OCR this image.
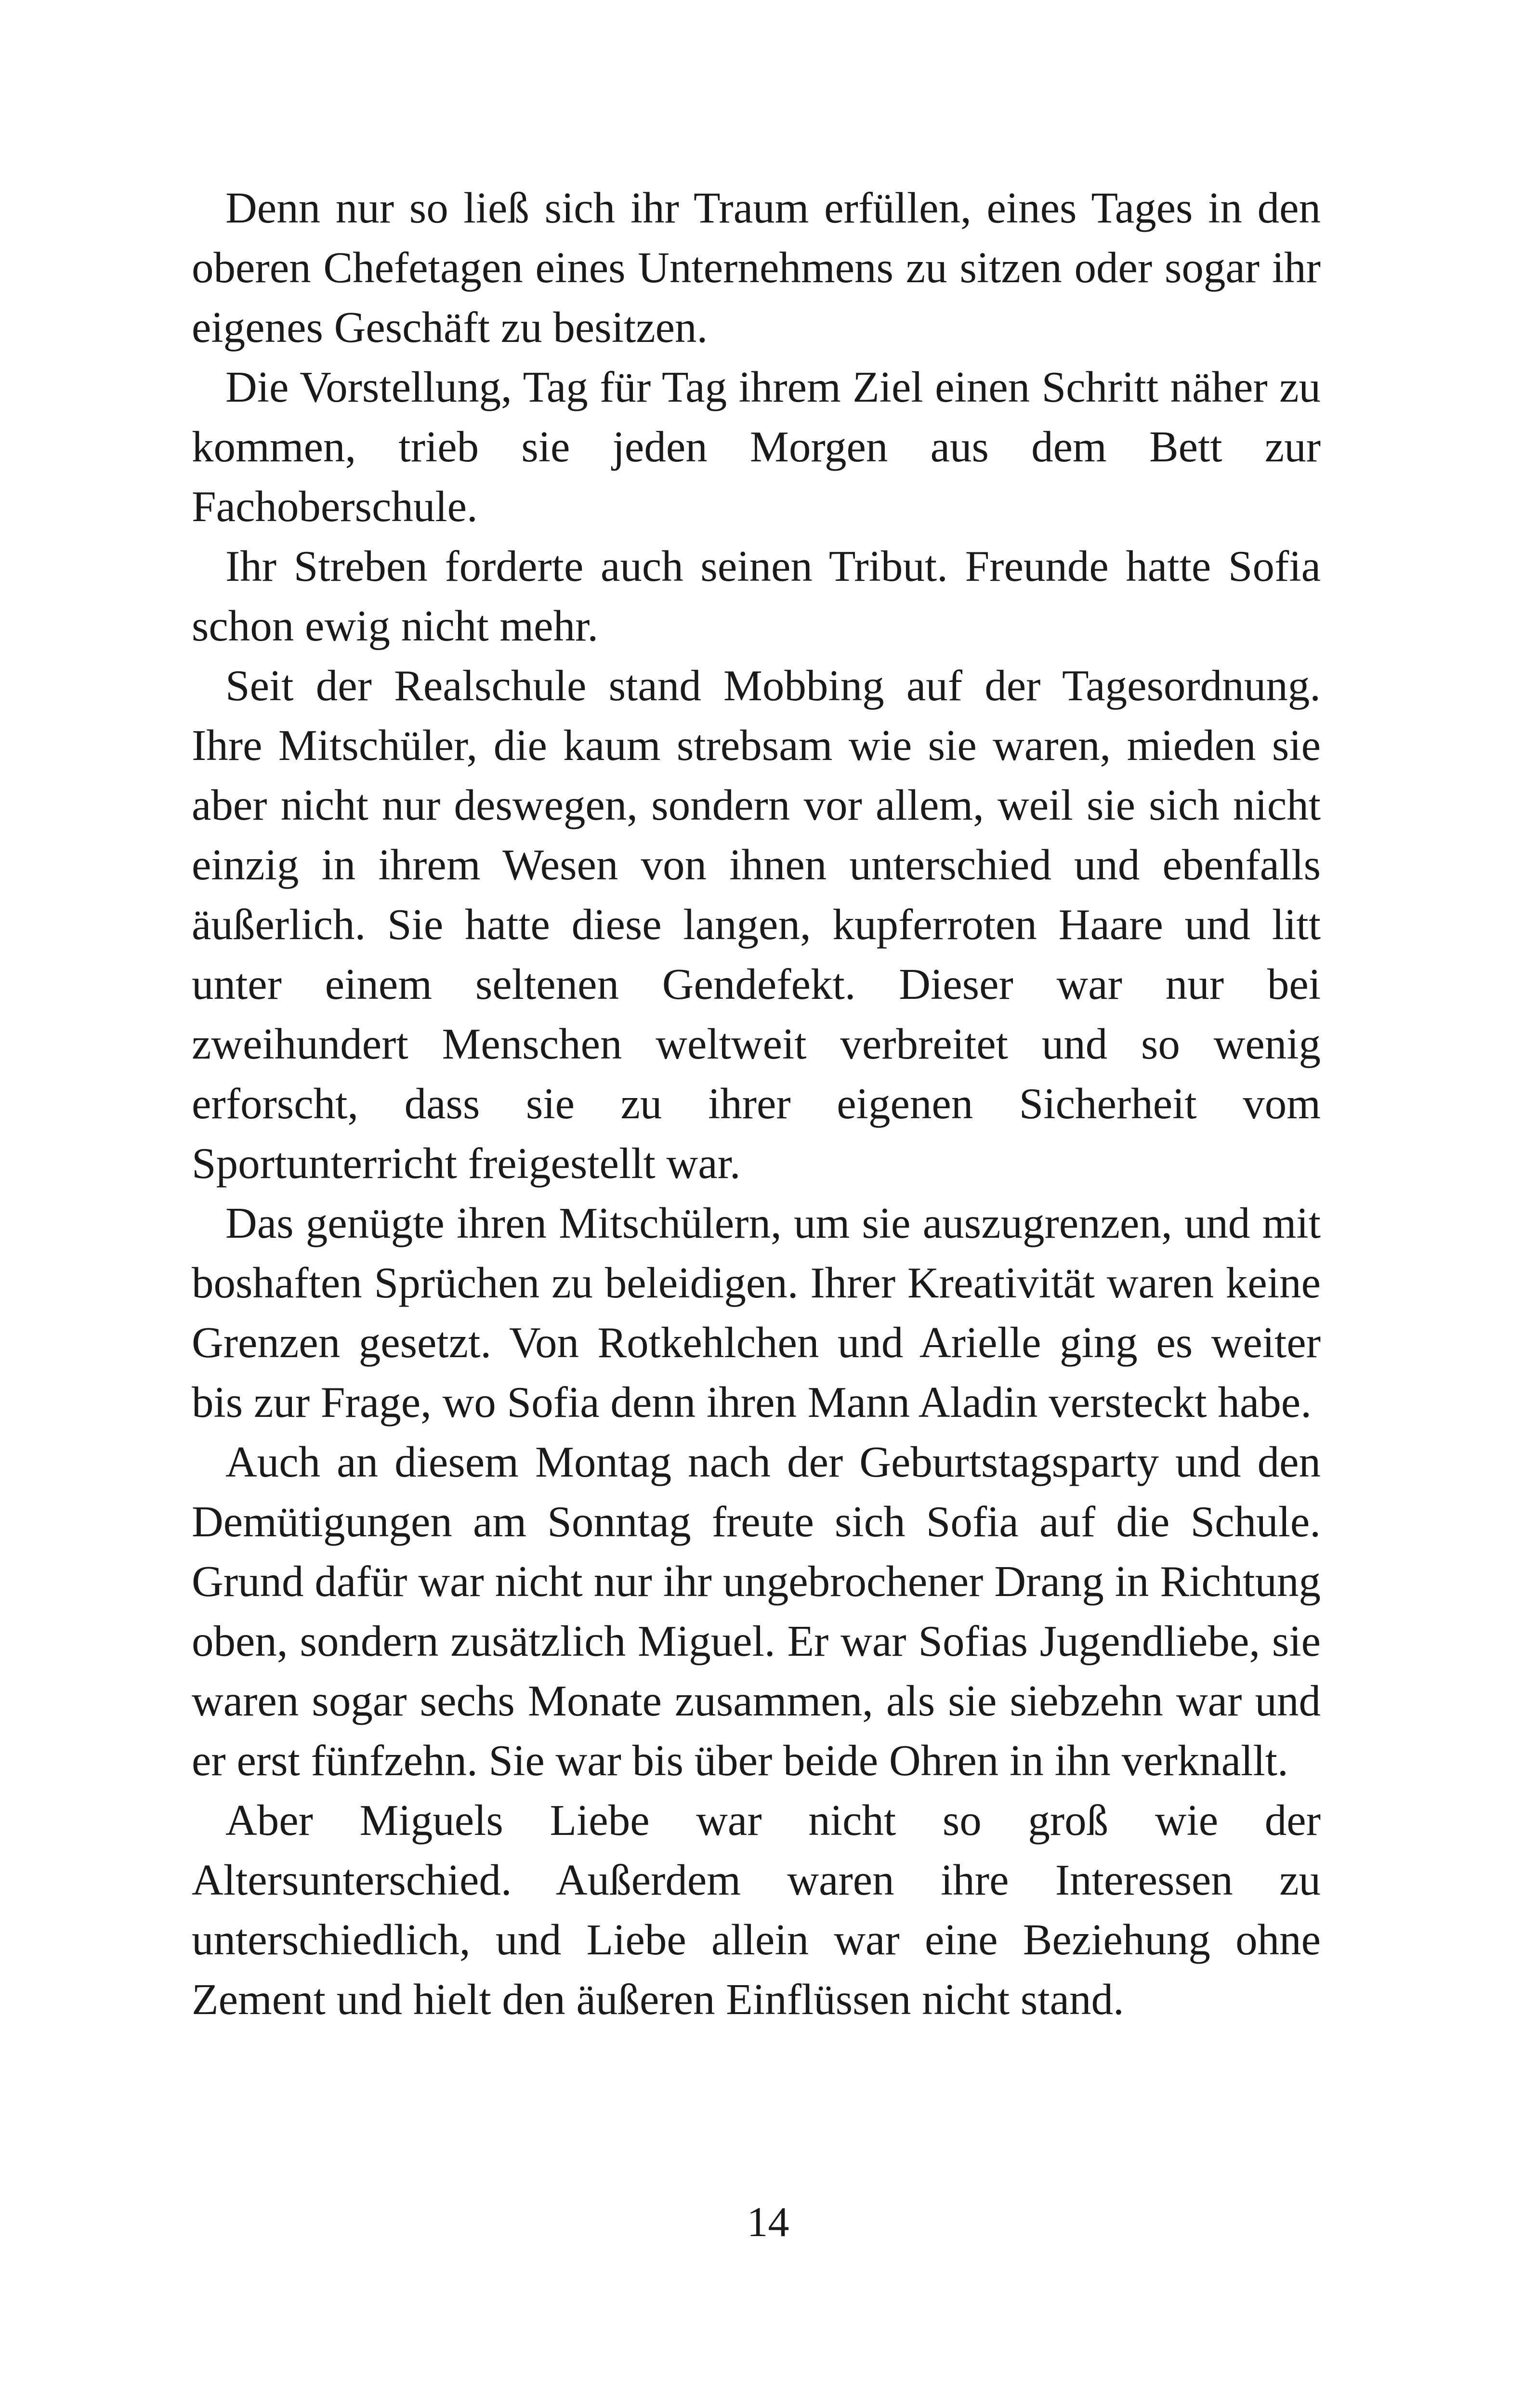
Denn nur so ließ sich ihr Traum erfüllen, eines Tages in den oberen Chefetagen eines Unternehmens zu sitzen oder sogar ihr eigenes Geschäft zu besitzen.

Die Vorstellung, Tag für Tag ihrem Ziel einen Schritt näher zu kommen, trieb sie jeden Morgen aus dem Bett zur Fachoberschule.

Ihr Streben forderte auch seinen Tribut. Freunde hatte Sofia schon ewig nicht mehr.

Seit der Realschule stand Mobbing auf der Tagesordnung. Ihre Mitschüler, die kaum strebsam wie sie waren, mieden sie aber nicht nur deswegen, sondern vor allem, weil sie sich nicht einzig in ihrem Wesen von ihnen unterschied und ebenfalls äußerlich. Sie hatte diese langen, kupferroten Haare und litt unter einem seltenen Gendefekt. Dieser war nur bei zweihundert Menschen weltweit verbreitet und so wenig erforscht, dass sie zu ihrer eigenen Sicherheit vom Sportunterricht freigestellt war.

Das genügte ihren Mitschülern, um sie auszugrenzen, und mit boshaften Sprüchen zu beleidigen. Ihrer Kreativität waren keine Grenzen gesetzt. Von Rotkehlchen und Arielle ging es weiter bis zur Frage, wo Sofia denn ihren Mann Aladin versteckt habe.

Auch an diesem Montag nach der Geburtstagsparty und den Demütigungen am Sonntag freute sich Sofia auf die Schule. Grund dafür war nicht nur ihr ungebrochener Drang in Richtung oben, sondern zusätzlich Miguel. Er war Sofias Jugendliebe, sie waren sogar sechs Monate zusammen, als sie siebzehn war und er erst fünfzehn. Sie war bis über beide Ohren in ihn verknallt.

Aber Miguels Liebe war nicht so groß wie der Altersunterschied. Außerdem waren ihre Interessen zu unterschiedlich, und Liebe allein war eine Beziehung ohne Zement und hielt den äußeren Einflüssen nicht stand.

14
